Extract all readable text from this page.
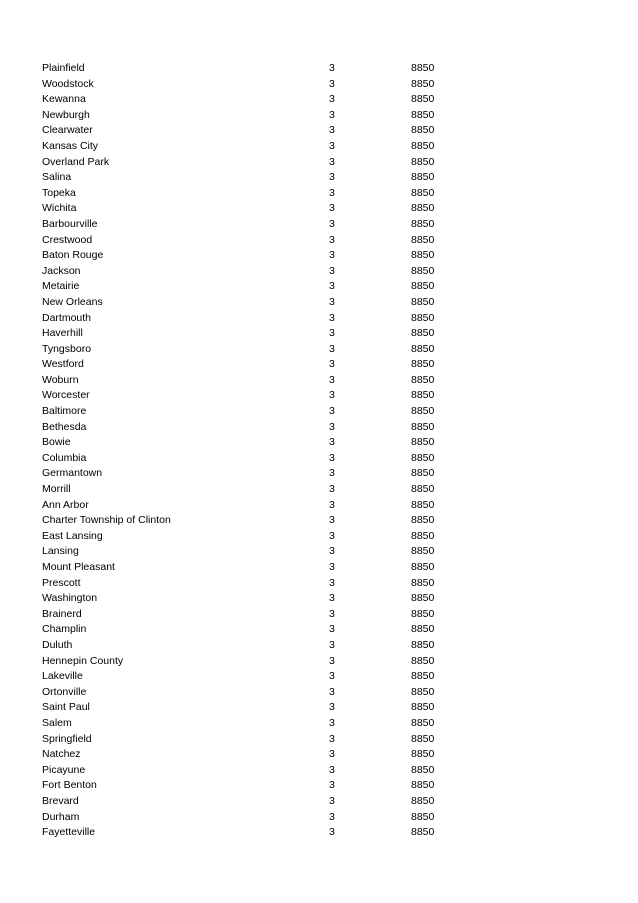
Plainfield	3	8850
Woodstock	3	8850
Kewanna	3	8850
Newburgh	3	8850
Clearwater	3	8850
Kansas City	3	8850
Overland Park	3	8850
Salina	3	8850
Topeka	3	8850
Wichita	3	8850
Barbourville	3	8850
Crestwood	3	8850
Baton Rouge	3	8850
Jackson	3	8850
Metairie	3	8850
New Orleans	3	8850
Dartmouth	3	8850
Haverhill	3	8850
Tyngsboro	3	8850
Westford	3	8850
Woburn	3	8850
Worcester	3	8850
Baltimore	3	8850
Bethesda	3	8850
Bowie	3	8850
Columbia	3	8850
Germantown	3	8850
Morrill	3	8850
Ann Arbor	3	8850
Charter Township of Clinton	3	8850
East Lansing	3	8850
Lansing	3	8850
Mount Pleasant	3	8850
Prescott	3	8850
Washington	3	8850
Brainerd	3	8850
Champlin	3	8850
Duluth	3	8850
Hennepin County	3	8850
Lakeville	3	8850
Ortonville	3	8850
Saint Paul	3	8850
Salem	3	8850
Springfield	3	8850
Natchez	3	8850
Picayune	3	8850
Fort Benton	3	8850
Brevard	3	8850
Durham	3	8850
Fayetteville	3	8850
